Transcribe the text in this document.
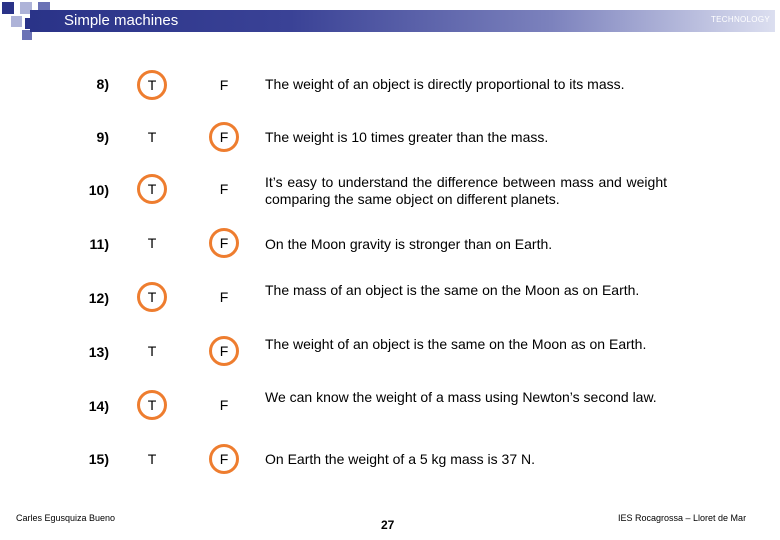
Simple machines	TECHNOLOGY
8)	T	F	The weight of an object is directly proportional to its mass.
9)	T	F	The weight is 10 times greater than the mass.
10)	T	F	It’s easy to understand the difference between mass and weight comparing the same object on different planets.
11)	T	F	On the Moon gravity is stronger than on Earth.
12)	T	F	The mass of an object is the same on the Moon as on Earth.
13)	T	F	The weight of an object is the same on the Moon as on Earth.
14)	T	F	We can know the weight of a mass using Newton’s second law.
15)	T	F	On Earth the weight of a 5 kg mass is 37 N.
Carles Egusquiza Bueno	27	IES Rocagrossa – Lloret de Mar
